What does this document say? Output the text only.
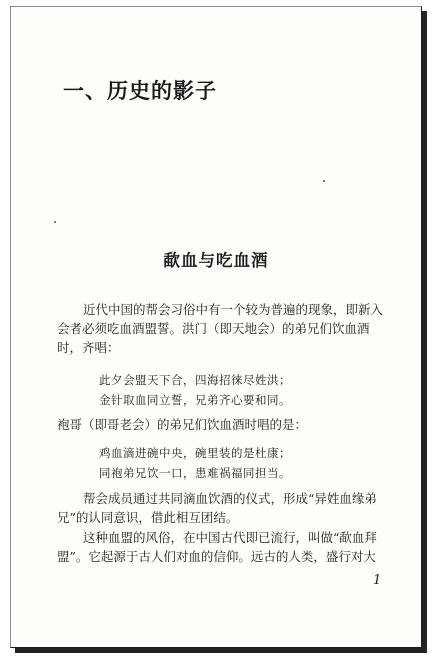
一、历史的影子
歃血与吃血酒

近代中国的帮会习俗中有一个较为普遍的现象，即新入会者必须吃血酒盟誓。洪门（即天地会）的弟兄们饮血酒时，齐唱：

此夕会盟天下合，四海招徕尽姓洪；
金针取血同立誓，兄弟齐心要和同。

袍哥（即哥老会）的弟兄们饮血酒时唱的是：

鸡血滴进碗中央，碗里装的是杜康；
同袍弟兄饮一口，患难祸福同担当。

帮会成员通过共同滴血饮酒的仪式，形成“异姓血缘弟兄”的认同意识，借此相互团结。

这种血盟的风俗，在中国古代即已流行，叫做“歃血拜盟”。它起源于古人们对血的信仰。远古的人类，盛行对大

1
